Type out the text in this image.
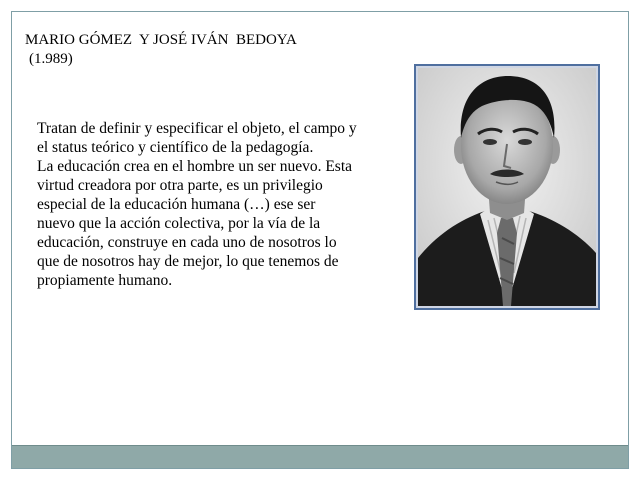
MARIO GÓMEZ  Y JOSÉ IVÁN  BEDOYA
(1.989)

Tratan de definir y especificar el objeto, el campo y el status teórico y científico de la pedagogía.

La educación crea en el hombre un ser nuevo. Esta virtud creadora por otra parte, es un privilegio especial de la educación humana (…) ese ser nuevo que la acción colectiva, por la vía de la educación, construye en cada uno de nosotros lo que de nosotros hay de mejor, lo que tenemos de propiamente humano.
